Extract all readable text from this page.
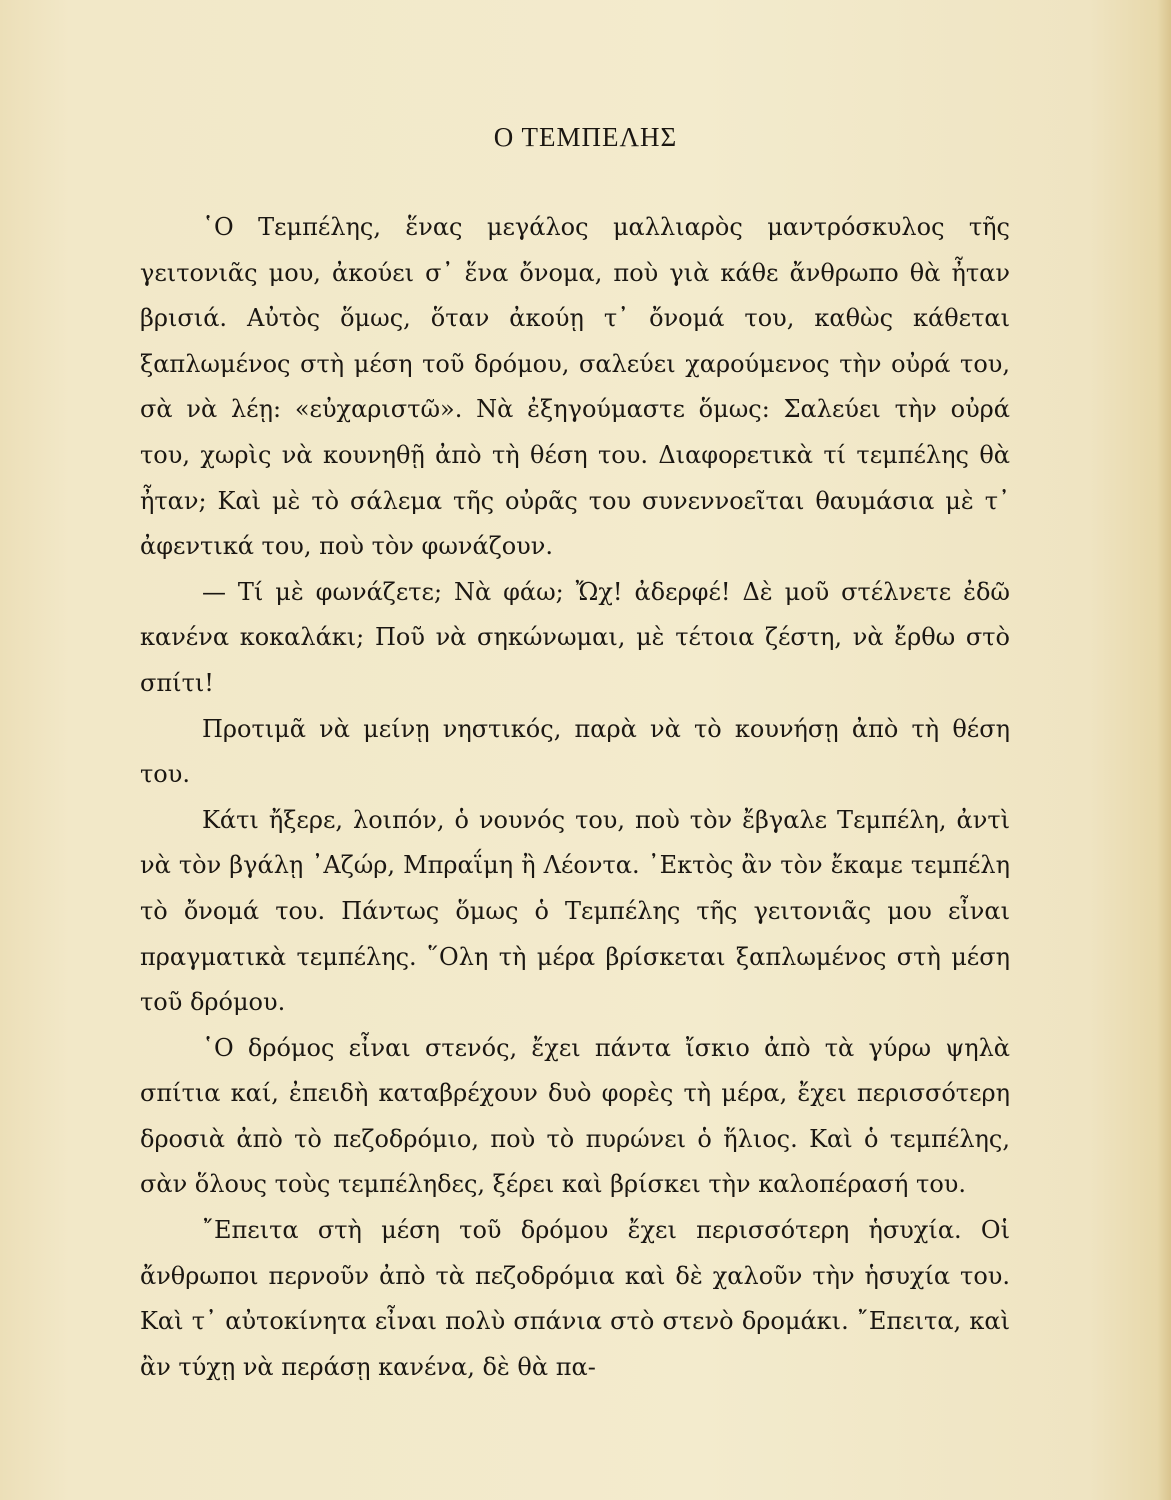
Ο ΤΕΜΠΕΛΗΣ

῾Ο Τεμπέλης, ἕνας μεγάλος μαλλιαρὸς μαντρόσκυλος τῆς γειτονιᾶς μου, ἀκούει σ᾿ ἕνα ὄνομα, ποὺ γιὰ κάθε ἄνθρωπο θὰ ἦταν βρισιά. Αὐτὸς ὅμως, ὅταν ἀκούῃ τ᾿ ὄνομά του, καθὼς κάθεται ξαπλωμένος στὴ μέση τοῦ δρόμου, σαλεύει χαρούμενος τὴν οὐρά του, σὰ νὰ λέῃ: «εὐχαριστῶ». Νὰ ἐξηγούμαστε ὅμως: Σαλεύει τὴν οὐρά του, χωρὶς νὰ κουνηθῇ ἀπὸ τὴ θέση του. Διαφορετικὰ τί τεμπέλης θὰ ἦταν; Καὶ μὲ τὸ σάλεμα τῆς οὐρᾶς του συνεννοεῖται θαυμάσια μὲ τ᾿ ἀφεντικά του, ποὺ τὸν φωνάζουν.

— Τί μὲ φωνάζετε; Νὰ φάω; Ὤχ! ἀδερφέ! Δὲ μοῦ στέλνετε ἐδῶ κανένα κοκαλάκι; Ποῦ νὰ σηκώνωμαι, μὲ τέτοια ζέστη, νὰ ἔρθω στὸ σπίτι!

Προτιμᾶ νὰ μείνῃ νηστικός, παρὰ νὰ τὸ κουνήσῃ ἀπὸ τὴ θέση του.

Κάτι ἤξερε, λοιπόν, ὁ νουνός του, ποὺ τὸν ἔβγαλε Τεμπέλη, ἀντὶ νὰ τὸν βγάλῃ ᾿Αζώρ, Μπραΐμη ἢ Λέοντα. ᾿Εκτὸς ἂν τὸν ἔκαμε τεμπέλη τὸ ὄνομά του. Πάντως ὅμως ὁ Τεμπέλης τῆς γειτονιᾶς μου εἶναι πραγματικὰ τεμπέλης. ῞Ολη τὴ μέρα βρίσκεται ξαπλωμένος στὴ μέση τοῦ δρόμου.

῾Ο δρόμος εἶναι στενός, ἔχει πάντα ἴσκιο ἀπὸ τὰ γύρω ψηλὰ σπίτια καί, ἐπειδὴ καταβρέχουν δυὸ φορὲς τὴ μέρα, ἔχει περισσότερη δροσιὰ ἀπὸ τὸ πεζοδρόμιο, ποὺ τὸ πυρώνει ὁ ἥλιος. Καὶ ὁ τεμπέλης, σὰν ὅλους τοὺς τεμπέληδες, ξέρει καὶ βρίσκει τὴν καλοπέρασή του.

῎Επειτα στὴ μέση τοῦ δρόμου ἔχει περισσότερη ἡσυχία. Οἱ ἄνθρωποι περνοῦν ἀπὸ τὰ πεζοδρόμια καὶ δὲ χαλοῦν τὴν ἡσυχία του. Καὶ τ᾿ αὐτοκίνητα εἶναι πολὺ σπάνια στὸ στενὸ δρομάκι. ῎Επειτα, καὶ ἂν τύχῃ νὰ περάσῃ κανένα, δὲ θὰ πα-
